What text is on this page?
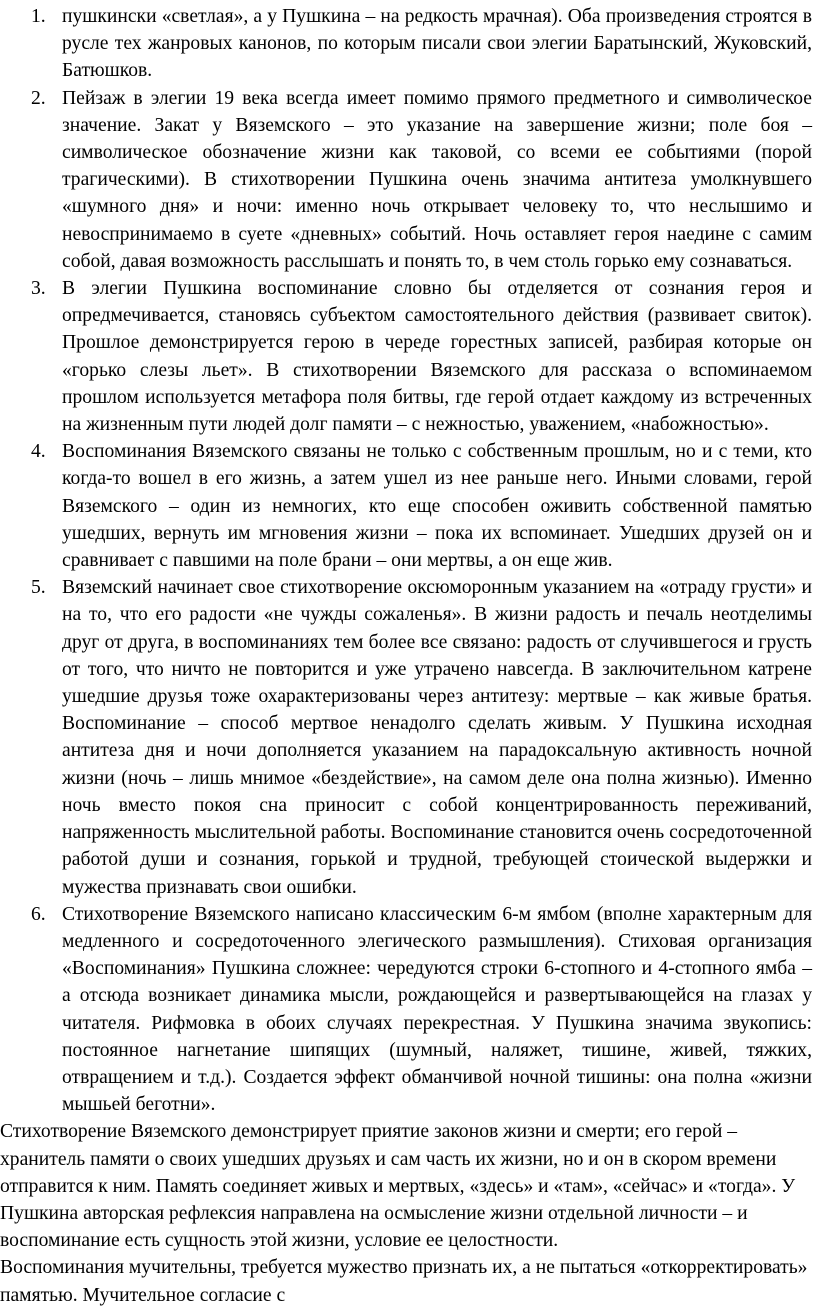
1. пушкински «светлая», а у Пушкина – на редкость мрачная). Оба произведения строятся в русле тех жанровых канонов, по которым писали свои элегии Баратынский, Жуковский, Батюшков.
2. Пейзаж в элегии 19 века всегда имеет помимо прямого предметного и символическое значение. Закат у Вяземского – это указание на завершение жизни; поле боя – символическое обозначение жизни как таковой, со всеми ее событиями (порой трагическими). В стихотворении Пушкина очень значима антитеза умолкнувшего «шумного дня» и ночи: именно ночь открывает человеку то, что неслышимо и невоспринимаемо в суете «дневных» событий. Ночь оставляет героя наедине с самим собой, давая возможность расслышать и понять то, в чем столь горько ему сознаваться.
3. В элегии Пушкина воспоминание словно бы отделяется от сознания героя и опредмечивается, становясь субъектом самостоятельного действия (развивает свиток). Прошлое демонстрируется герою в череде горестных записей, разбирая которые он «горько слезы льет». В стихотворении Вяземского для рассказа о вспоминаемом прошлом используется метафора поля битвы, где герой отдает каждому из встреченных на жизненным пути людей долг памяти – с нежностью, уважением, «набожностью».
4. Воспоминания Вяземского связаны не только с собственным прошлым, но и с теми, кто когда-то вошел в его жизнь, а затем ушел из нее раньше него. Иными словами, герой Вяземского – один из немногих, кто еще способен оживить собственной памятью ушедших, вернуть им мгновения жизни – пока их вспоминает. Ушедших друзей он и сравнивает с павшими на поле брани – они мертвы, а он еще жив.
5. Вяземский начинает свое стихотворение оксюморонным указанием на «отраду грусти» и на то, что его радости «не чужды сожаленья». В жизни радость и печаль неотделимы друг от друга, в воспоминаниях тем более все связано: радость от случившегося и грусть от того, что ничто не повторится и уже утрачено навсегда. В заключительном катрене ушедшие друзья тоже охарактеризованы через антитезу: мертвые – как живые братья. Воспоминание – способ мертвое ненадолго сделать живым. У Пушкина исходная антитеза дня и ночи дополняется указанием на парадоксальную активность ночной жизни (ночь – лишь мнимое «бездействие», на самом деле она полна жизнью). Именно ночь вместо покоя сна приносит с собой концентрированность переживаний, напряженность мыслительной работы. Воспоминание становится очень сосредоточенной работой души и сознания, горькой и трудной, требующей стоической выдержки и мужества признавать свои ошибки.
6. Стихотворение Вяземского написано классическим 6-м ямбом (вполне характерным для медленного и сосредоточенного элегического размышления). Стиховая организация «Воспоминания» Пушкина сложнее: чередуются строки 6-стопного и 4-стопного ямба – а отсюда возникает динамика мысли, рождающейся и развертывающейся на глазах у читателя. Рифмовка в обоих случаях перекрестная. У Пушкина значима звукопись: постоянное нагнетание шипящих (шумный, наляжет, тишине, живей, тяжких, отвращением и т.д.). Создается эффект обманчивой ночной тишины: она полна «жизни мышьей беготни».

Стихотворение Вяземского демонстрирует приятие законов жизни и смерти; его герой – хранитель памяти о своих ушедших друзьях и сам часть их жизни, но и он в скором времени отправится к ним. Память соединяет живых и мертвых, «здесь» и «там», «сейчас» и «тогда». У Пушкина авторская рефлексия направлена на осмысление жизни отдельной личности – и воспоминание есть сущность этой жизни, условие ее целостности.

Воспоминания мучительны, требуется мужество признать их, а не пытаться «откорректировать» памятью. Мучительное согласие с
